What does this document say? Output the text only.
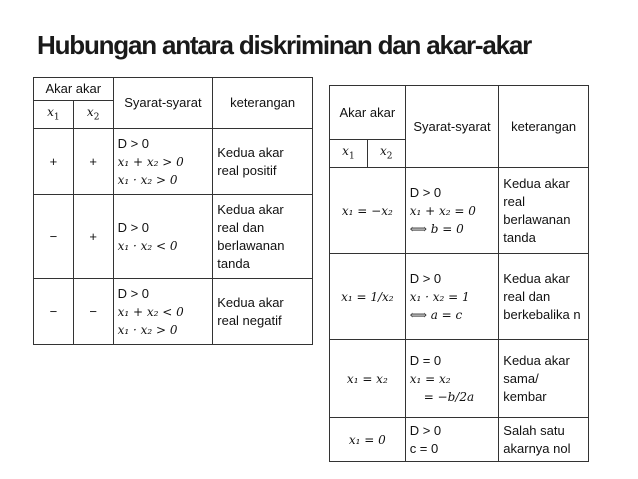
Hubungan antara diskriminan dan akar-akar
Akar akar		Syarat-syarat	keterangan
$x_1$	$x_2$
+	+	D > 0
x₁ + x₂ > 0
x₁ · x₂ > 0	Kedua akar real positif
−	+	D > 0
x₁ · x₂ < 0	Kedua akar real dan berlawanan tanda
−	−	D > 0
x₁ + x₂ < 0
x₁ · x₂ > 0	Kedua akar real negatif
Akar akar		Syarat-syarat	keterangan
$x_1$	$x_2$
x₁ = −x₂		D > 0
x₁ + x₂ = 0
⟺ b = 0	Kedua akar real berlawanan tanda
x₁ = 1/x₂		D > 0
x₁ · x₂ = 1
⟺ a = c	Kedua akar real dan berkebalika n
x₁ = x₂		D = 0
x₁ = x₂
= −b/2a	Kedua akar sama/ kembar
x₁ = 0		D > 0
c = 0	Salah satu akarnya nol
